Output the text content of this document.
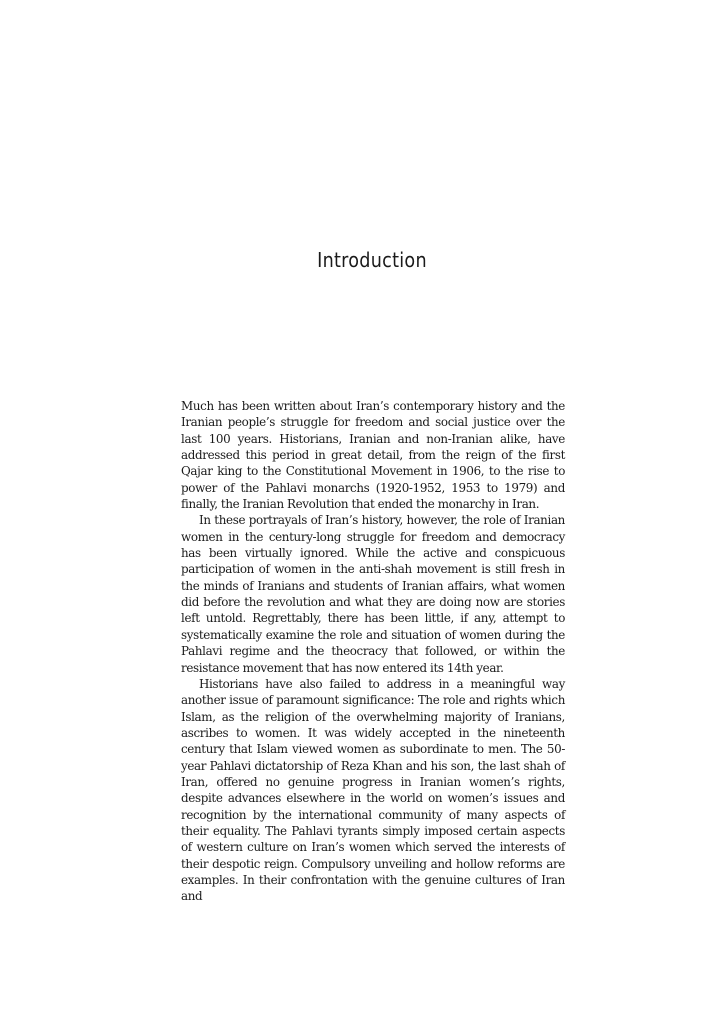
Introduction

Much has been written about Iran’s contemporary history and the Iranian people’s struggle for freedom and social justice over the last 100 years. Historians, Iranian and non-Iranian alike, have addressed this period in great detail, from the reign of the first Qajar king to the Constitutional Movement in 1906, to the rise to power of the Pahlavi monarchs (1920-1952, 1953 to 1979) and finally, the Iranian Revolution that ended the monarchy in Iran.

In these portrayals of Iran’s history, however, the role of Iranian women in the century-long struggle for freedom and democracy has been virtually ignored. While the active and conspicuous participation of women in the anti-shah movement is still fresh in the minds of Iranians and students of Iranian affairs, what women did before the revolution and what they are doing now are stories left untold. Regrettably, there has been little, if any, attempt to systematically examine the role and situation of women during the Pahlavi regime and the theocracy that followed, or within the resistance movement that has now entered its 14th year.

Historians have also failed to address in a meaningful way another issue of paramount significance: The role and rights which Islam, as the religion of the overwhelming majority of Iranians, ascribes to women. It was widely accepted in the nineteenth century that Islam viewed women as subordinate to men. The 50-year Pahlavi dictatorship of Reza Khan and his son, the last shah of Iran, offered no genuine progress in Iranian women’s rights, despite advances elsewhere in the world on women’s issues and recognition by the international community of many aspects of their equality. The Pahlavi tyrants simply imposed certain aspects of western culture on Iran’s women which served the interests of their despotic reign. Compulsory unveiling and hollow reforms are examples. In their confrontation with the genuine cultures of Iran and
